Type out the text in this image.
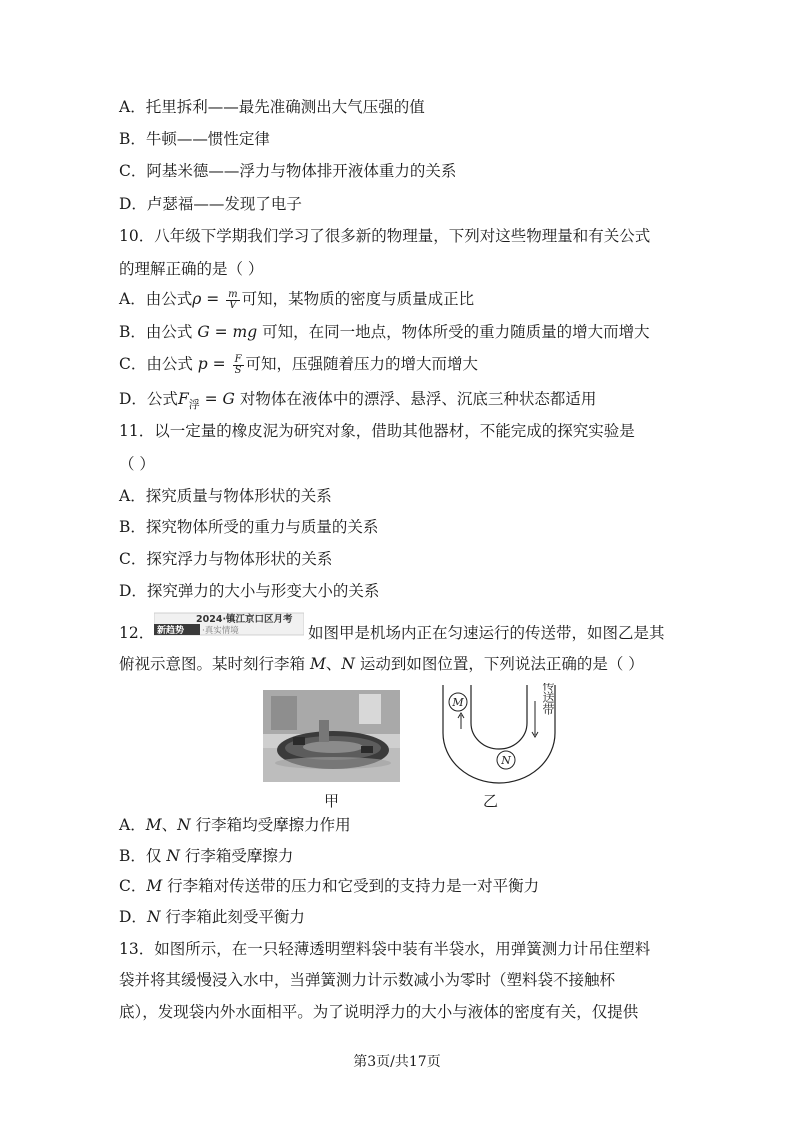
A．托里拆利——最先准确测出大气压强的值
B．牛顿——惯性定律
C．阿基米德——浮力与物体排开液体重力的关系
D．卢瑟福——发现了电子
10．八年级下学期我们学习了很多新的物理量，下列对这些物理量和有关公式
的理解正确的是（ ）
A．由公式$\rho = \frac{m}{V}$ 可知，某物质的密度与质量成正比
B．由公式 G = mg 可知，在同一地点，物体所受的重力随质量的增大而增大
C．由公式 $p = \frac{F}{S}$ 可知，压强随着压力的增大而增大
D．公式$F_浮 = G$ 对物体在液体中的漂浮、悬浮、沉底三种状态都适用
11．以一定量的橡皮泥为研究对象，借助其他器材，不能完成的探究实验是
（ ）
A．探究质量与物体形状的关系
B．探究物体所受的重力与质量的关系
C．探究浮力与物体形状的关系
D．探究弹力的大小与形变大小的关系
12．
2024·镇江京口区月考
新趋势 ·真实情境	如图甲是机场内正在匀速运行的传送带，如图乙是其
俯视示意图。某时刻行李箱 M、N 运动到如图位置，下列说法正确的是（ ）
M
N
传送带
甲	乙
A．M、N 行李箱均受摩擦力作用
B．仅 N 行李箱受摩擦力
C．M 行李箱对传送带的压力和它受到的支持力是一对平衡力
D．N 行李箱此刻受平衡力
13．如图所示，在一只轻薄透明塑料袋中装有半袋水，用弹簧测力计吊住塑料
袋并将其缓慢浸入水中，当弹簧测力计示数减小为零时（塑料袋不接触杯
底），发现袋内外水面相平。为了说明浮力的大小与液体的密度有关，仅提供
第3页/共17页
